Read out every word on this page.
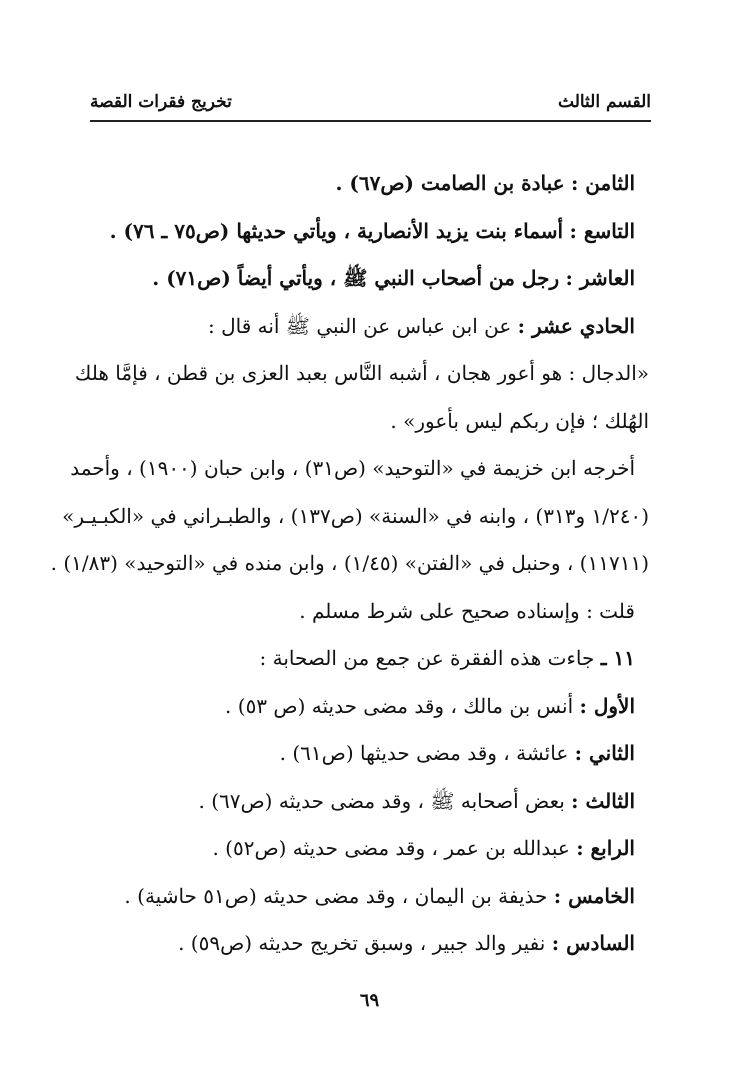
القسم الثالث
تخريج فقرات القصة
الثامن : عبادة بن الصامت (ص٦٧) .
التاسع : أسماء بنت يزيد الأنصارية ، ويأتي حديثها (ص٧٥ ـ ٧٦) .
العاشر : رجل من أصحاب النبي ﷺ ، ويأتي أيضاً (ص٧١) .
الحادي عشر : عن ابن عباس عن النبي ﷺ أنه قال :
«الدجال : هو أعور هجان ، أشبه النَّاس بعبد العزى بن قطن ، فإمَّا هلك
الهُلك ؛ فإن ربكم ليس بأعور» .
أخرجه ابن خزيمة في «التوحيد» (ص٣١) ، وابن حبان (١٩٠٠) ، وأحمد
(١/٢٤٠ و٣١٣) ، وابنه في «السنة» (ص١٣٧) ، والطبـراني في «الكبـيـر»
(١١٧١١) ، وحنبل في «الفتن» (١/٤٥) ، وابن منده في «التوحيد» (١/٨٣) .
قلت : وإسناده صحيح على شرط مسلم .
١١ ـ جاءت هذه الفقرة عن جمع من الصحابة :
الأول : أنس بن مالك ، وقد مضى حديثه (ص ٥٣) .
الثاني : عائشة ، وقد مضى حديثها (ص٦١) .
الثالث : بعض أصحابه ﷺ ، وقد مضى حديثه (ص٦٧) .
الرابع : عبدالله بن عمر ، وقد مضى حديثه (ص٥٢) .
الخامس : حذيفة بن اليمان ، وقد مضى حديثه (ص٥١ حاشية) .
السادس : نفير والد جبير ، وسبق تخريج حديثه (ص٥٩) .
٦٩
